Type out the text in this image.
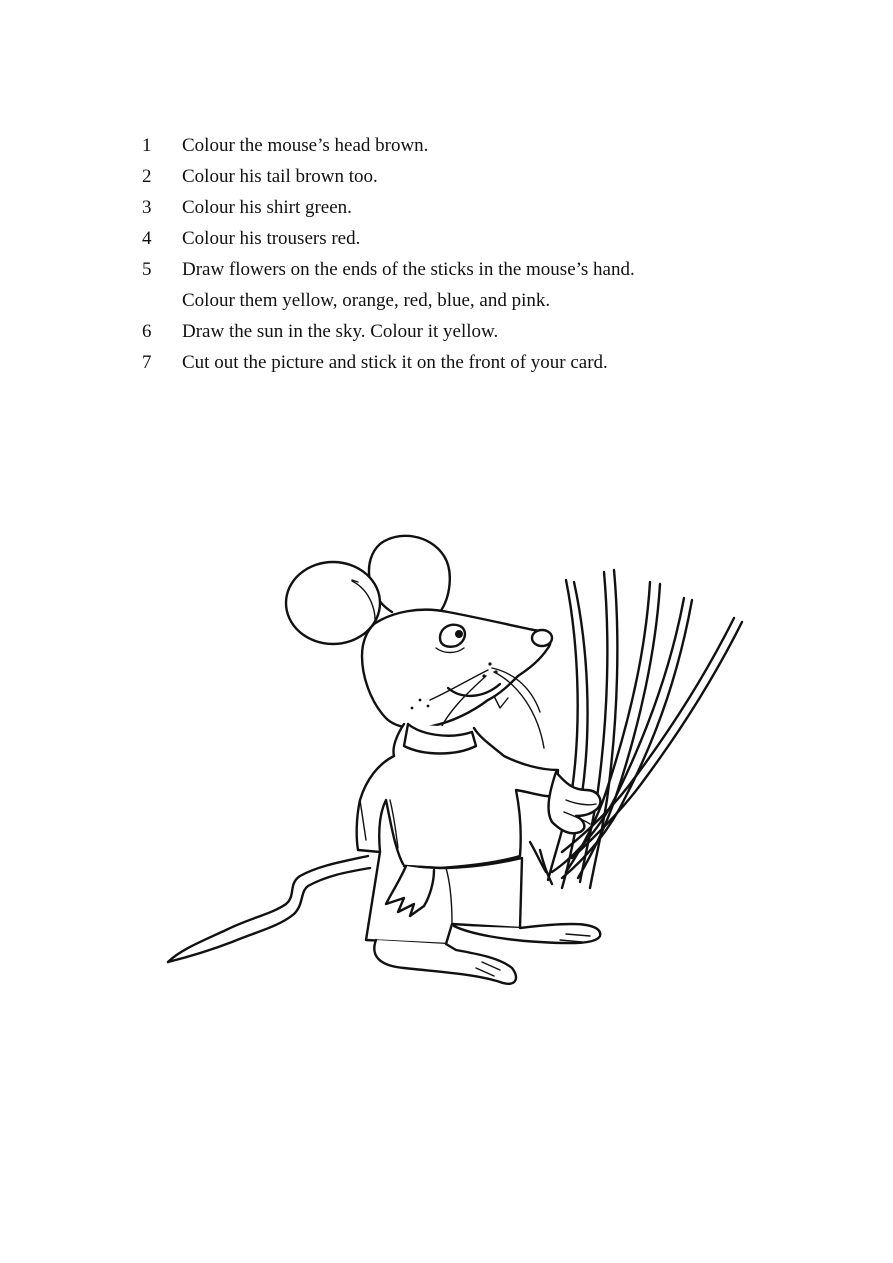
1 Colour the mouse’s head brown.
2 Colour his tail brown too.
3 Colour his shirt green.
4 Colour his trousers red.
5 Draw flowers on the ends of the sticks in the mouse’s hand.
Colour them yellow, orange, red, blue, and pink.
6 Draw the sun in the sky. Colour it yellow.
7 Cut out the picture and stick it on the front of your card.
